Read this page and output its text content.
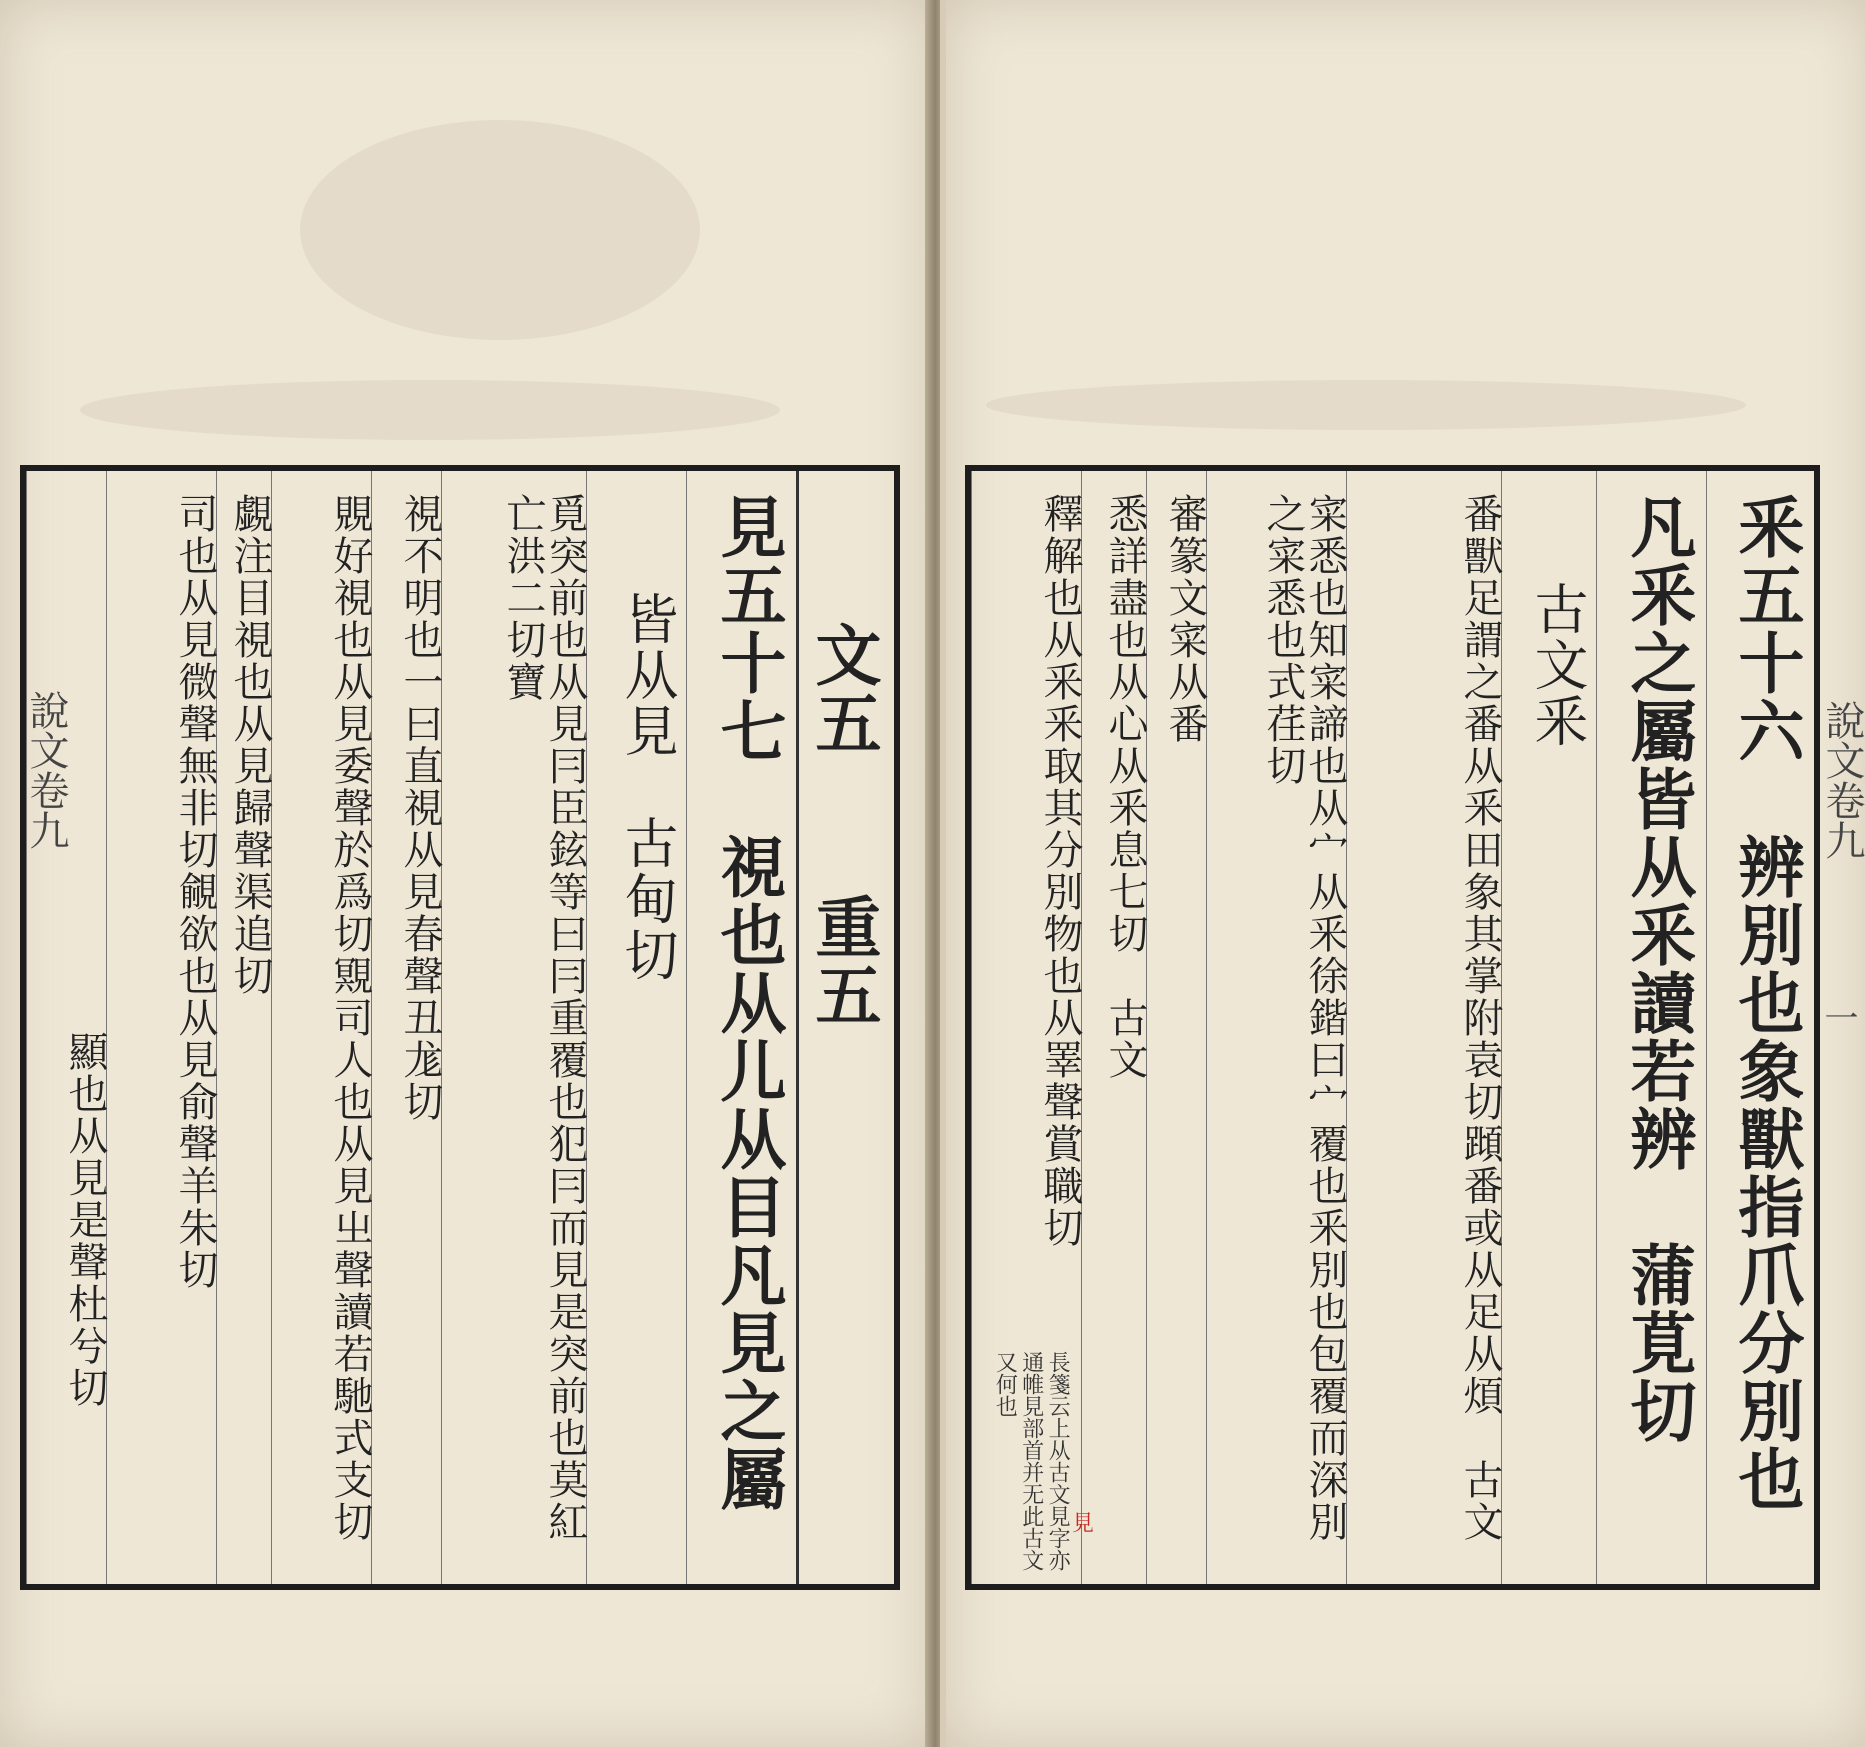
說文卷九	文五　　重五
見五十七　視也从儿从目凡見之屬
皆从見　古甸切
覓突前也从見冃臣鉉等曰冃重覆也犯冃而見是突前也莫紅亡洪二切寶
視不明也一曰直視从見春聲丑尨切
覞好視也从見委聲於爲切覭司人也从見㞢聲讀若馳式支切
覷注目視也从見歸聲渠追切
司也从見微聲無非切覦欲也从見俞聲羊朱切
顯也从見是聲杜兮切
說文卷九
一
釆五十六　辨別也象獸指爪分別也
凡釆之屬皆从釆讀若辨　蒲莧切
古文釆
番獸足謂之番从釆田象其掌附袁切蹞番或从足从煩　古文
寀悉也知寀諦也从宀从釆徐鍇曰宀覆也釆別也包覆而深別之寀悉也式荏切
審篆文寀从番
悉詳盡也从心从釆息七切　古文
釋解也从釆釆取其分別物也从睪聲賞職切
長箋云上从古文見字亦 通帷見部首并无此古文 又何也
見
